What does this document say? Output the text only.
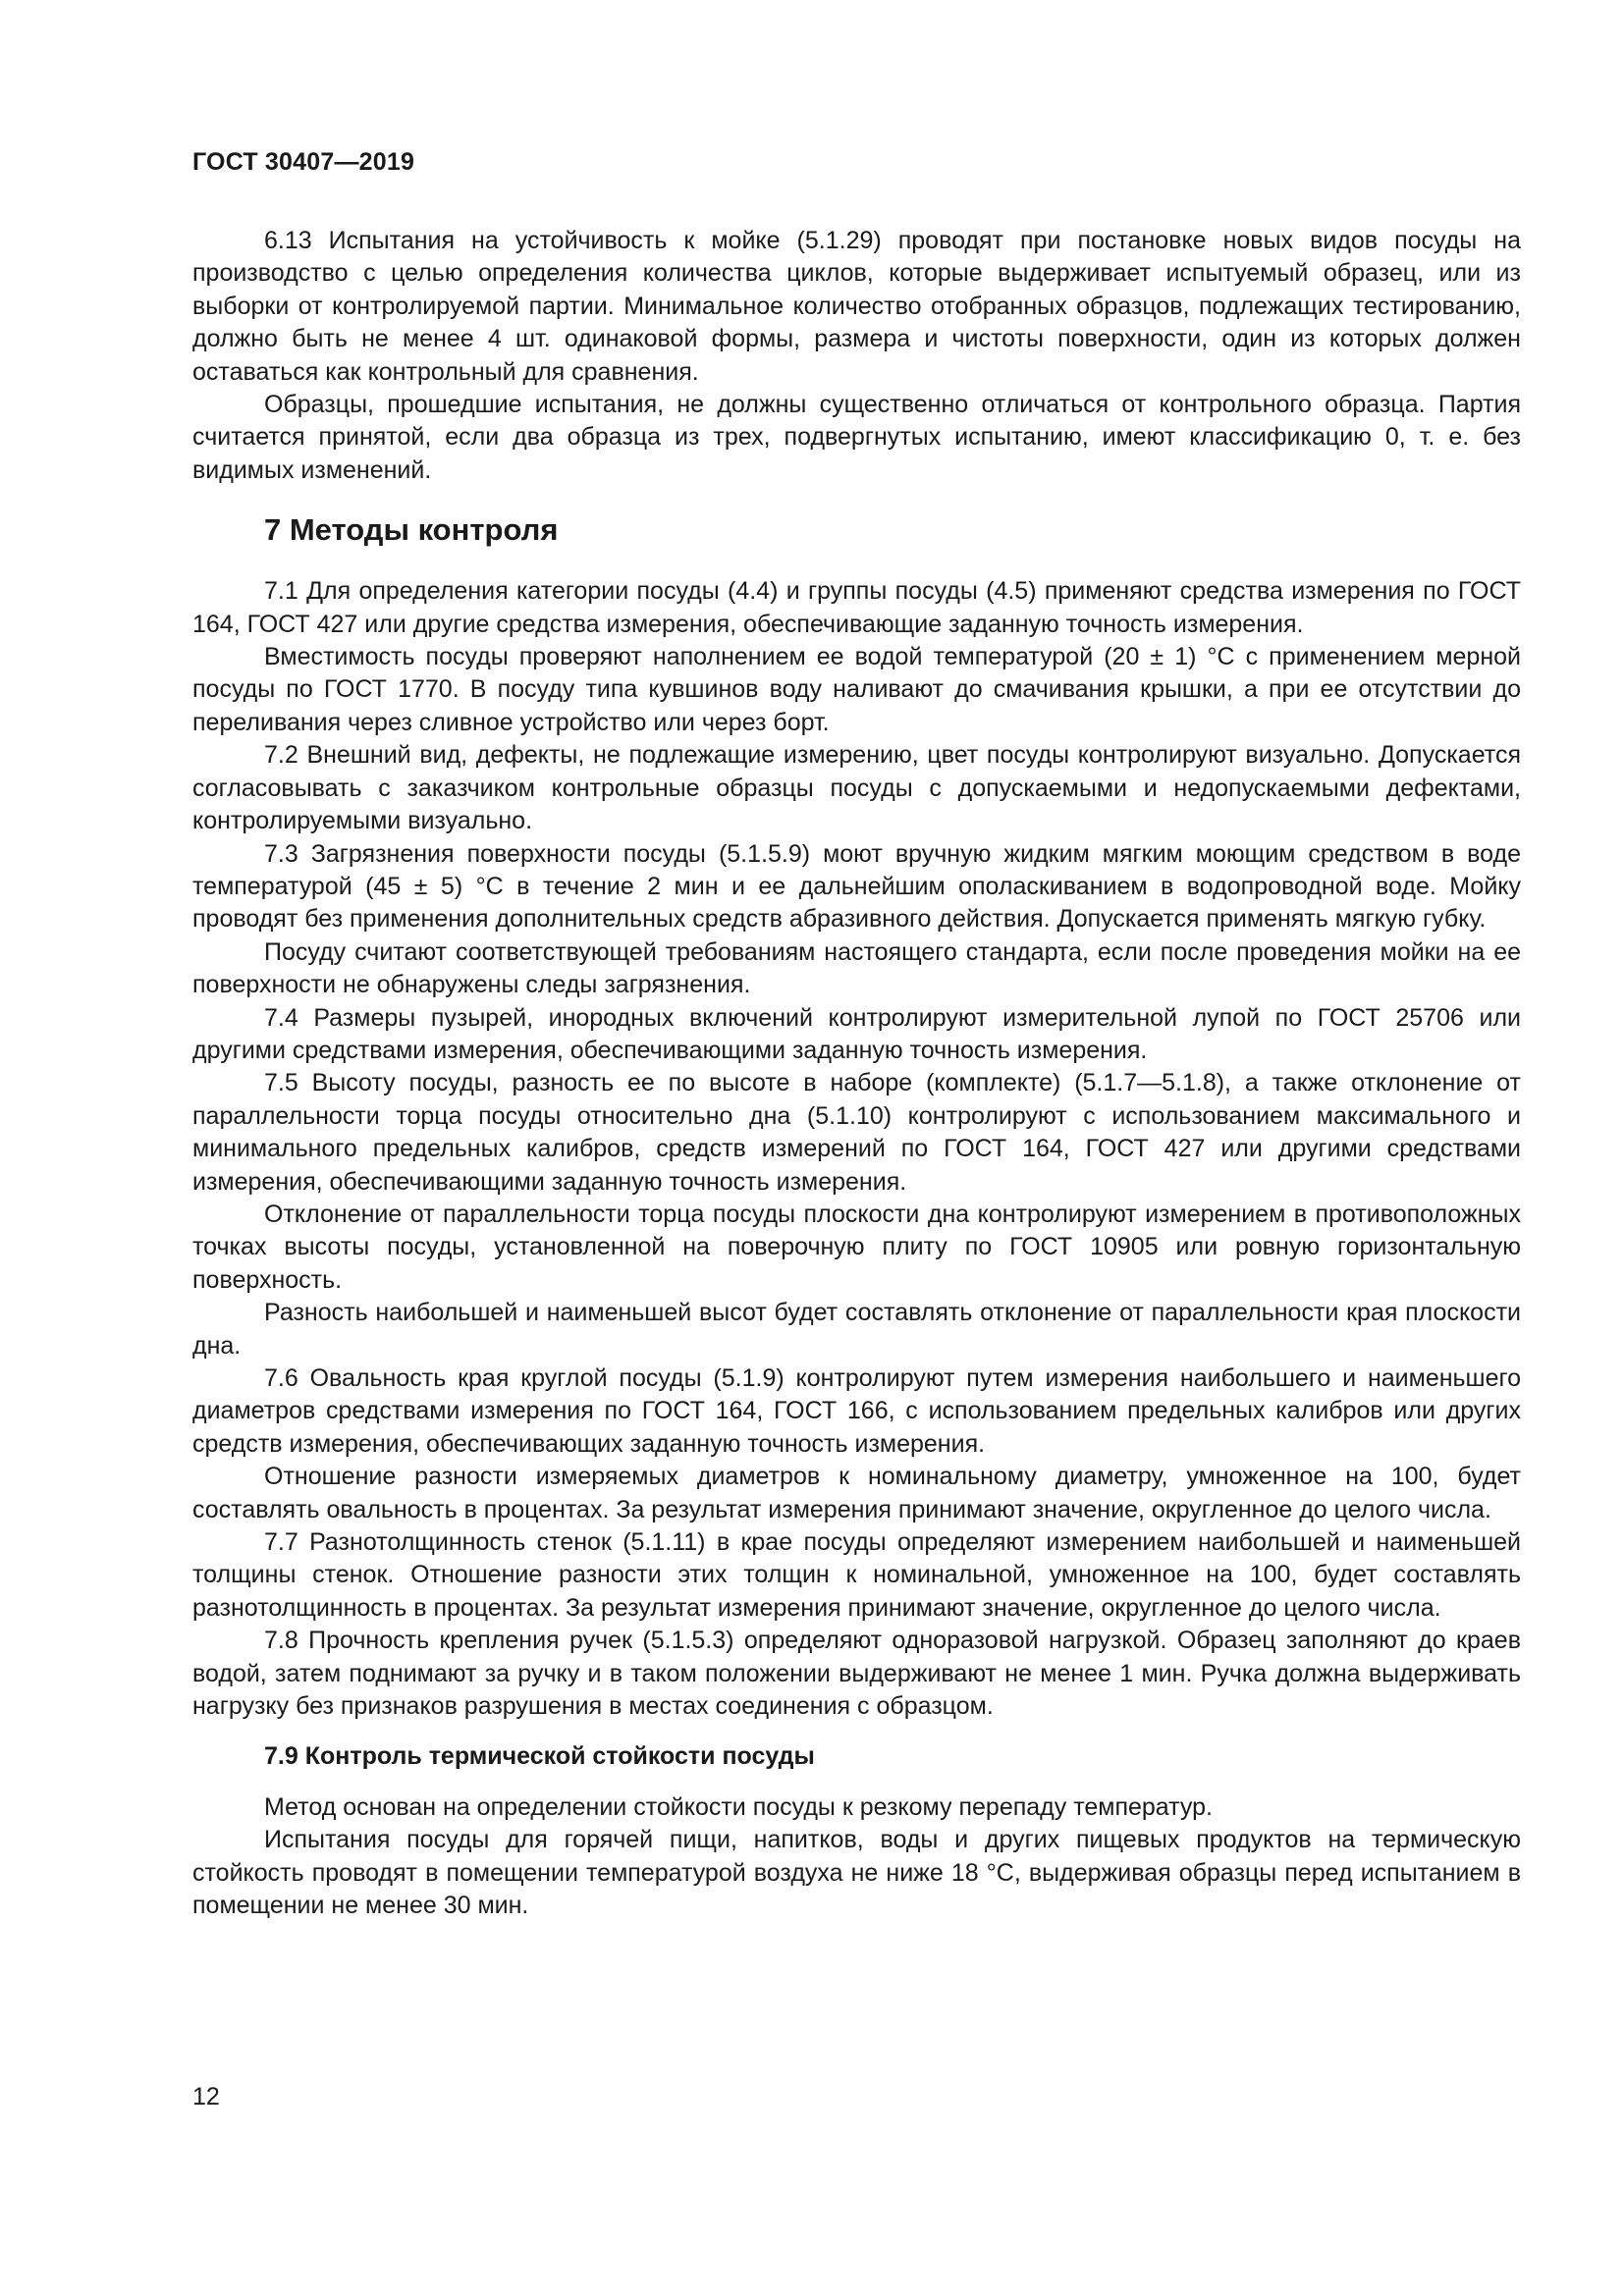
ГОСТ 30407—2019

6.13 Испытания на устойчивость к мойке (5.1.29) проводят при постановке новых видов посуды на производство с целью определения количества циклов, которые выдерживает испытуемый образец, или из выборки от контролируемой партии. Минимальное количество отобранных образцов, подлежащих тестированию, должно быть не менее 4 шт. одинаковой формы, размера и чистоты поверхности, один из которых должен оставаться как контрольный для сравнения.

Образцы, прошедшие испытания, не должны существенно отличаться от контрольного образца. Партия считается принятой, если два образца из трех, подвергнутых испытанию, имеют классификацию 0, т. е. без видимых изменений.

7 Методы контроля

7.1 Для определения категории посуды (4.4) и группы посуды (4.5) применяют средства измерения по ГОСТ 164, ГОСТ 427 или другие средства измерения, обеспечивающие заданную точность измерения.

Вместимость посуды проверяют наполнением ее водой температурой (20 ± 1) °С с применением мерной посуды по ГОСТ 1770. В посуду типа кувшинов воду наливают до смачивания крышки, а при ее отсутствии до переливания через сливное устройство или через борт.

7.2 Внешний вид, дефекты, не подлежащие измерению, цвет посуды контролируют визуально. Допускается согласовывать с заказчиком контрольные образцы посуды с допускаемыми и недопускаемыми дефектами, контролируемыми визуально.

7.3 Загрязнения поверхности посуды (5.1.5.9) моют вручную жидким мягким моющим средством в воде температурой (45 ± 5) °С в течение 2 мин и ее дальнейшим ополаскиванием в водопроводной воде. Мойку проводят без применения дополнительных средств абразивного действия. Допускается применять мягкую губку.

Посуду считают соответствующей требованиям настоящего стандарта, если после проведения мойки на ее поверхности не обнаружены следы загрязнения.

7.4 Размеры пузырей, инородных включений контролируют измерительной лупой по ГОСТ 25706 или другими средствами измерения, обеспечивающими заданную точность измерения.

7.5 Высоту посуды, разность ее по высоте в наборе (комплекте) (5.1.7—5.1.8), а также отклонение от параллельности торца посуды относительно дна (5.1.10) контролируют с использованием максимального и минимального предельных калибров, средств измерений по ГОСТ 164, ГОСТ 427 или другими средствами измерения, обеспечивающими заданную точность измерения.

Отклонение от параллельности торца посуды плоскости дна контролируют измерением в противоположных точках высоты посуды, установленной на поверочную плиту по ГОСТ 10905 или ровную горизонтальную поверхность.

Разность наибольшей и наименьшей высот будет составлять отклонение от параллельности края плоскости дна.

7.6 Овальность края круглой посуды (5.1.9) контролируют путем измерения наибольшего и наименьшего диаметров средствами измерения по ГОСТ 164, ГОСТ 166, с использованием предельных калибров или других средств измерения, обеспечивающих заданную точность измерения.

Отношение разности измеряемых диаметров к номинальному диаметру, умноженное на 100, будет составлять овальность в процентах. За результат измерения принимают значение, округленное до целого числа.

7.7 Разнотолщинность стенок (5.1.11) в крае посуды определяют измерением наибольшей и наименьшей толщины стенок. Отношение разности этих толщин к номинальной, умноженное на 100, будет составлять разнотолщинность в процентах. За результат измерения принимают значение, округленное до целого числа.

7.8 Прочность крепления ручек (5.1.5.3) определяют одноразовой нагрузкой. Образец заполняют до краев водой, затем поднимают за ручку и в таком положении выдерживают не менее 1 мин. Ручка должна выдерживать нагрузку без признаков разрушения в местах соединения с образцом.

7.9 Контроль термической стойкости посуды

Метод основан на определении стойкости посуды к резкому перепаду температур.

Испытания посуды для горячей пищи, напитков, воды и других пищевых продуктов на термическую стойкость проводят в помещении температурой воздуха не ниже 18 °С, выдерживая образцы перед испытанием в помещении не менее 30 мин.

12
